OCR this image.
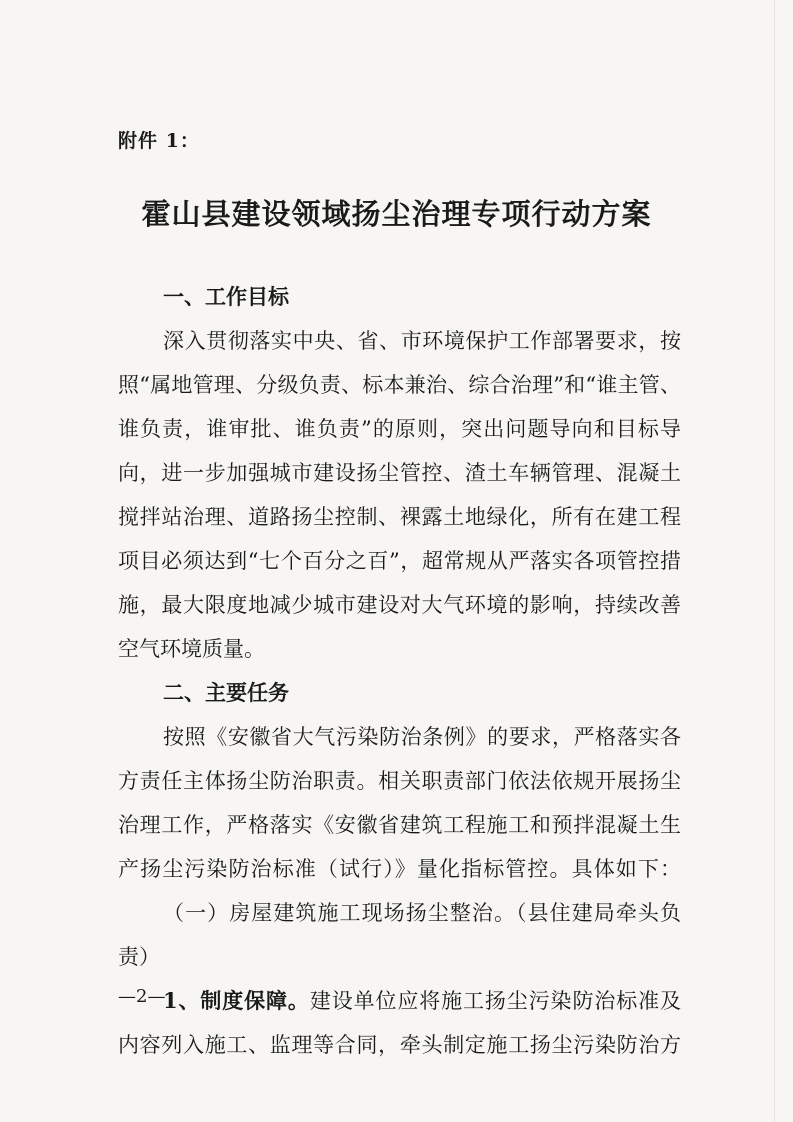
附件 1：
霍山县建设领域扬尘治理专项行动方案
一、工作目标
深入贯彻落实中央、省、市环境保护工作部署要求，按
照“属地管理、分级负责、标本兼治、综合治理”和“谁主管、
谁负责，谁审批、谁负责”的原则，突出问题导向和目标导
向，进一步加强城市建设扬尘管控、渣土车辆管理、混凝土
搅拌站治理、道路扬尘控制、裸露土地绿化，所有在建工程
项目必须达到“七个百分之百”，超常规从严落实各项管控措
施，最大限度地减少城市建设对大气环境的影响，持续改善
空气环境质量。
二、主要任务
按照《安徽省大气污染防治条例》的要求，严格落实各
方责任主体扬尘防治职责。相关职责部门依法依规开展扬尘
治理工作，严格落实《安徽省建筑工程施工和预拌混凝土生
产扬尘污染防治标准（试行）》量化指标管控。具体如下：
（一）房屋建筑施工现场扬尘整治。（县住建局牵头负
责）
1、制度保障。建设单位应将施工扬尘污染防治标准及
内容列入施工、监理等合同，牵头制定施工扬尘污染防治方
—2—
